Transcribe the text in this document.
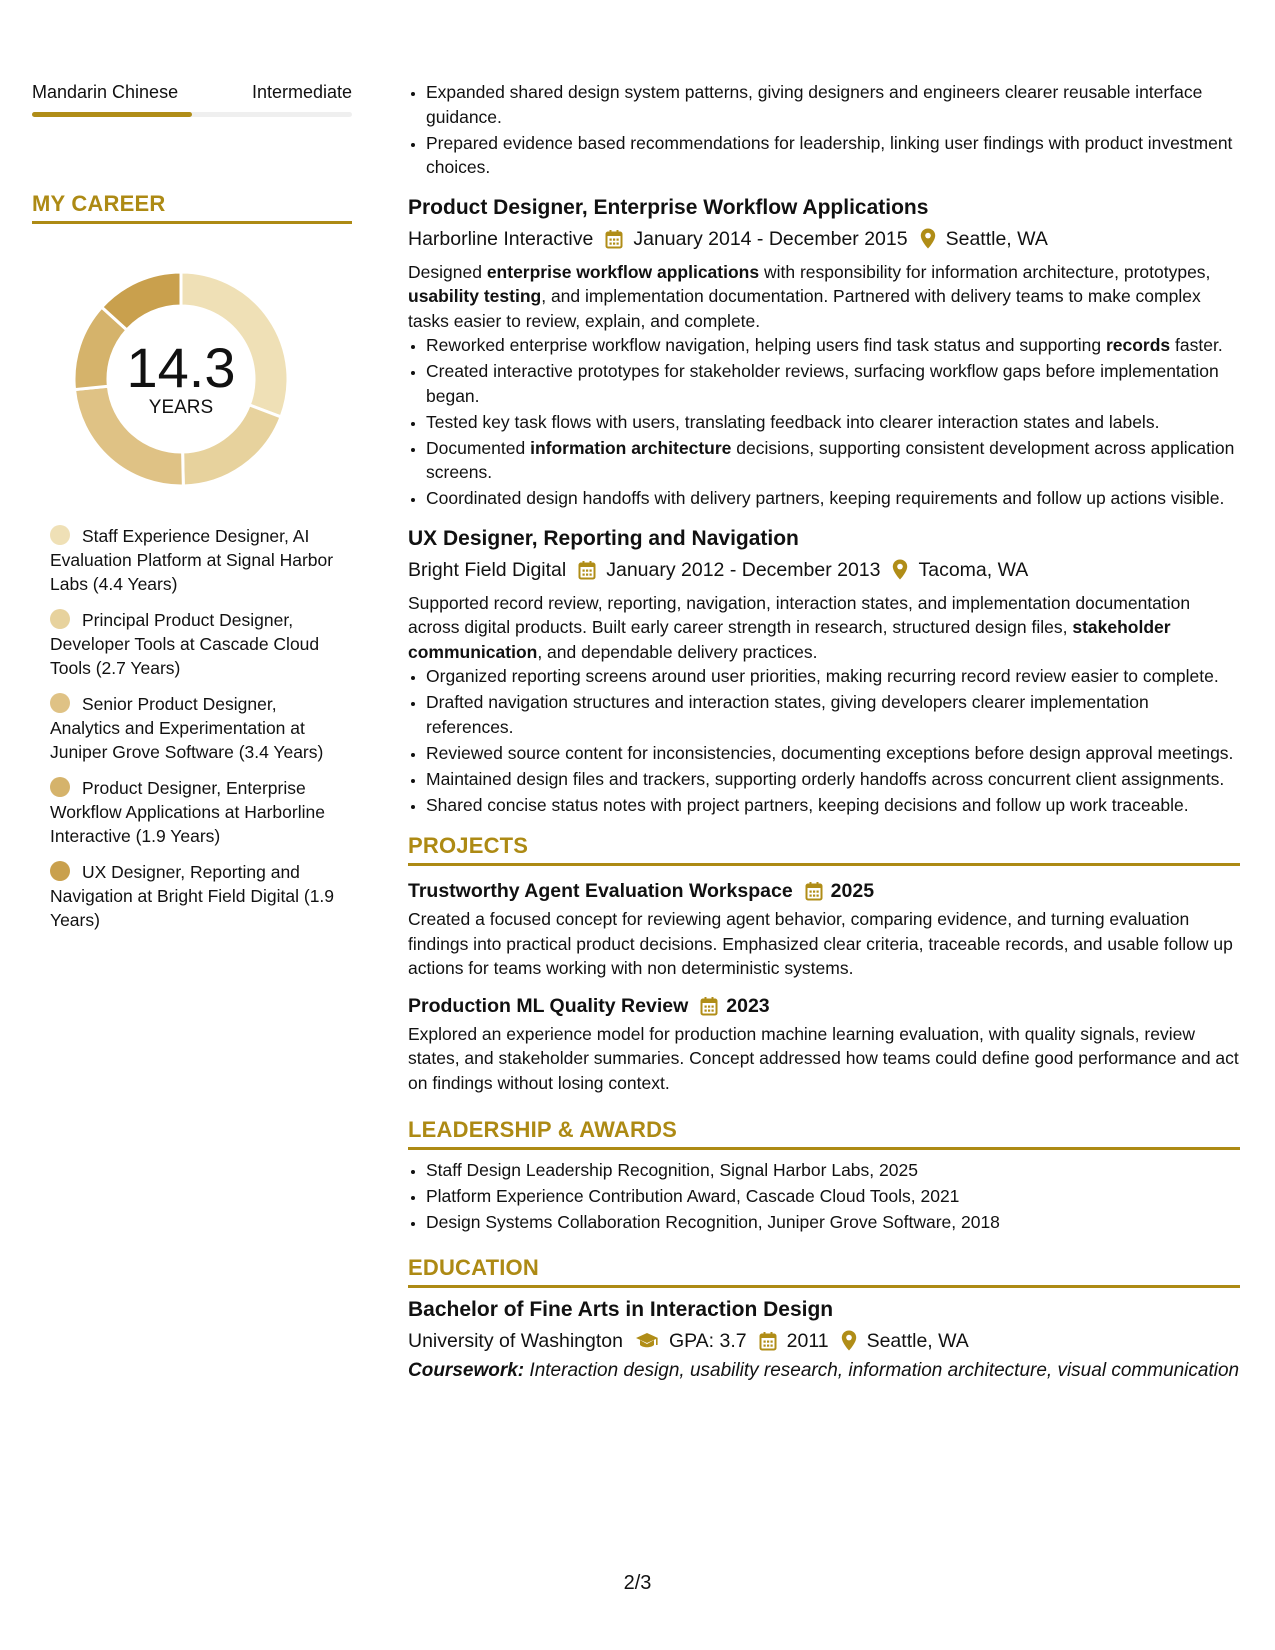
Mandarin Chinese	Intermediate
MY CAREER
14.3
YEARS
Staff Experience Designer, AI Evaluation Platform at Signal Harbor Labs (4.4 Years)
Principal Product Designer, Developer Tools at Cascade Cloud Tools (2.7 Years)
Senior Product Designer, Analytics and Experimentation at Juniper Grove Software (3.4 Years)
Product Designer, Enterprise Workflow Applications at Harborline Interactive (1.9 Years)
UX Designer, Reporting and Navigation at Bright Field Digital (1.9 Years)
• Expanded shared design system patterns, giving designers and engineers clearer reusable interface guidance.
• Prepared evidence based recommendations for leadership, linking user findings with product investment choices.
Product Designer, Enterprise Workflow Applications
Harborline Interactive January 2014 - December 2015 Seattle, WA
Designed enterprise workflow applications with responsibility for information architecture, prototypes, usability testing, and implementation documentation. Partnered with delivery teams to make complex tasks easier to review, explain, and complete.
• Reworked enterprise workflow navigation, helping users find task status and supporting records faster.
• Created interactive prototypes for stakeholder reviews, surfacing workflow gaps before implementation began.
• Tested key task flows with users, translating feedback into clearer interaction states and labels.
• Documented information architecture decisions, supporting consistent development across application screens.
• Coordinated design handoffs with delivery partners, keeping requirements and follow up actions visible.
UX Designer, Reporting and Navigation
Bright Field Digital January 2012 - December 2013 Tacoma, WA
Supported record review, reporting, navigation, interaction states, and implementation documentation across digital products. Built early career strength in research, structured design files, stakeholder communication, and dependable delivery practices.
• Organized reporting screens around user priorities, making recurring record review easier to complete.
• Drafted navigation structures and interaction states, giving developers clearer implementation references.
• Reviewed source content for inconsistencies, documenting exceptions before design approval meetings.
• Maintained design files and trackers, supporting orderly handoffs across concurrent client assignments.
• Shared concise status notes with project partners, keeping decisions and follow up work traceable.
PROJECTS
Trustworthy Agent Evaluation Workspace 2025
Created a focused concept for reviewing agent behavior, comparing evidence, and turning evaluation findings into practical product decisions. Emphasized clear criteria, traceable records, and usable follow up actions for teams working with non deterministic systems.
Production ML Quality Review 2023
Explored an experience model for production machine learning evaluation, with quality signals, review states, and stakeholder summaries. Concept addressed how teams could define good performance and act on findings without losing context.
LEADERSHIP & AWARDS
• Staff Design Leadership Recognition, Signal Harbor Labs, 2025
• Platform Experience Contribution Award, Cascade Cloud Tools, 2021
• Design Systems Collaboration Recognition, Juniper Grove Software, 2018
EDUCATION
Bachelor of Fine Arts in Interaction Design
University of Washington GPA: 3.7 2011 Seattle, WA
Coursework: Interaction design, usability research, information architecture, visual communication
2/3
